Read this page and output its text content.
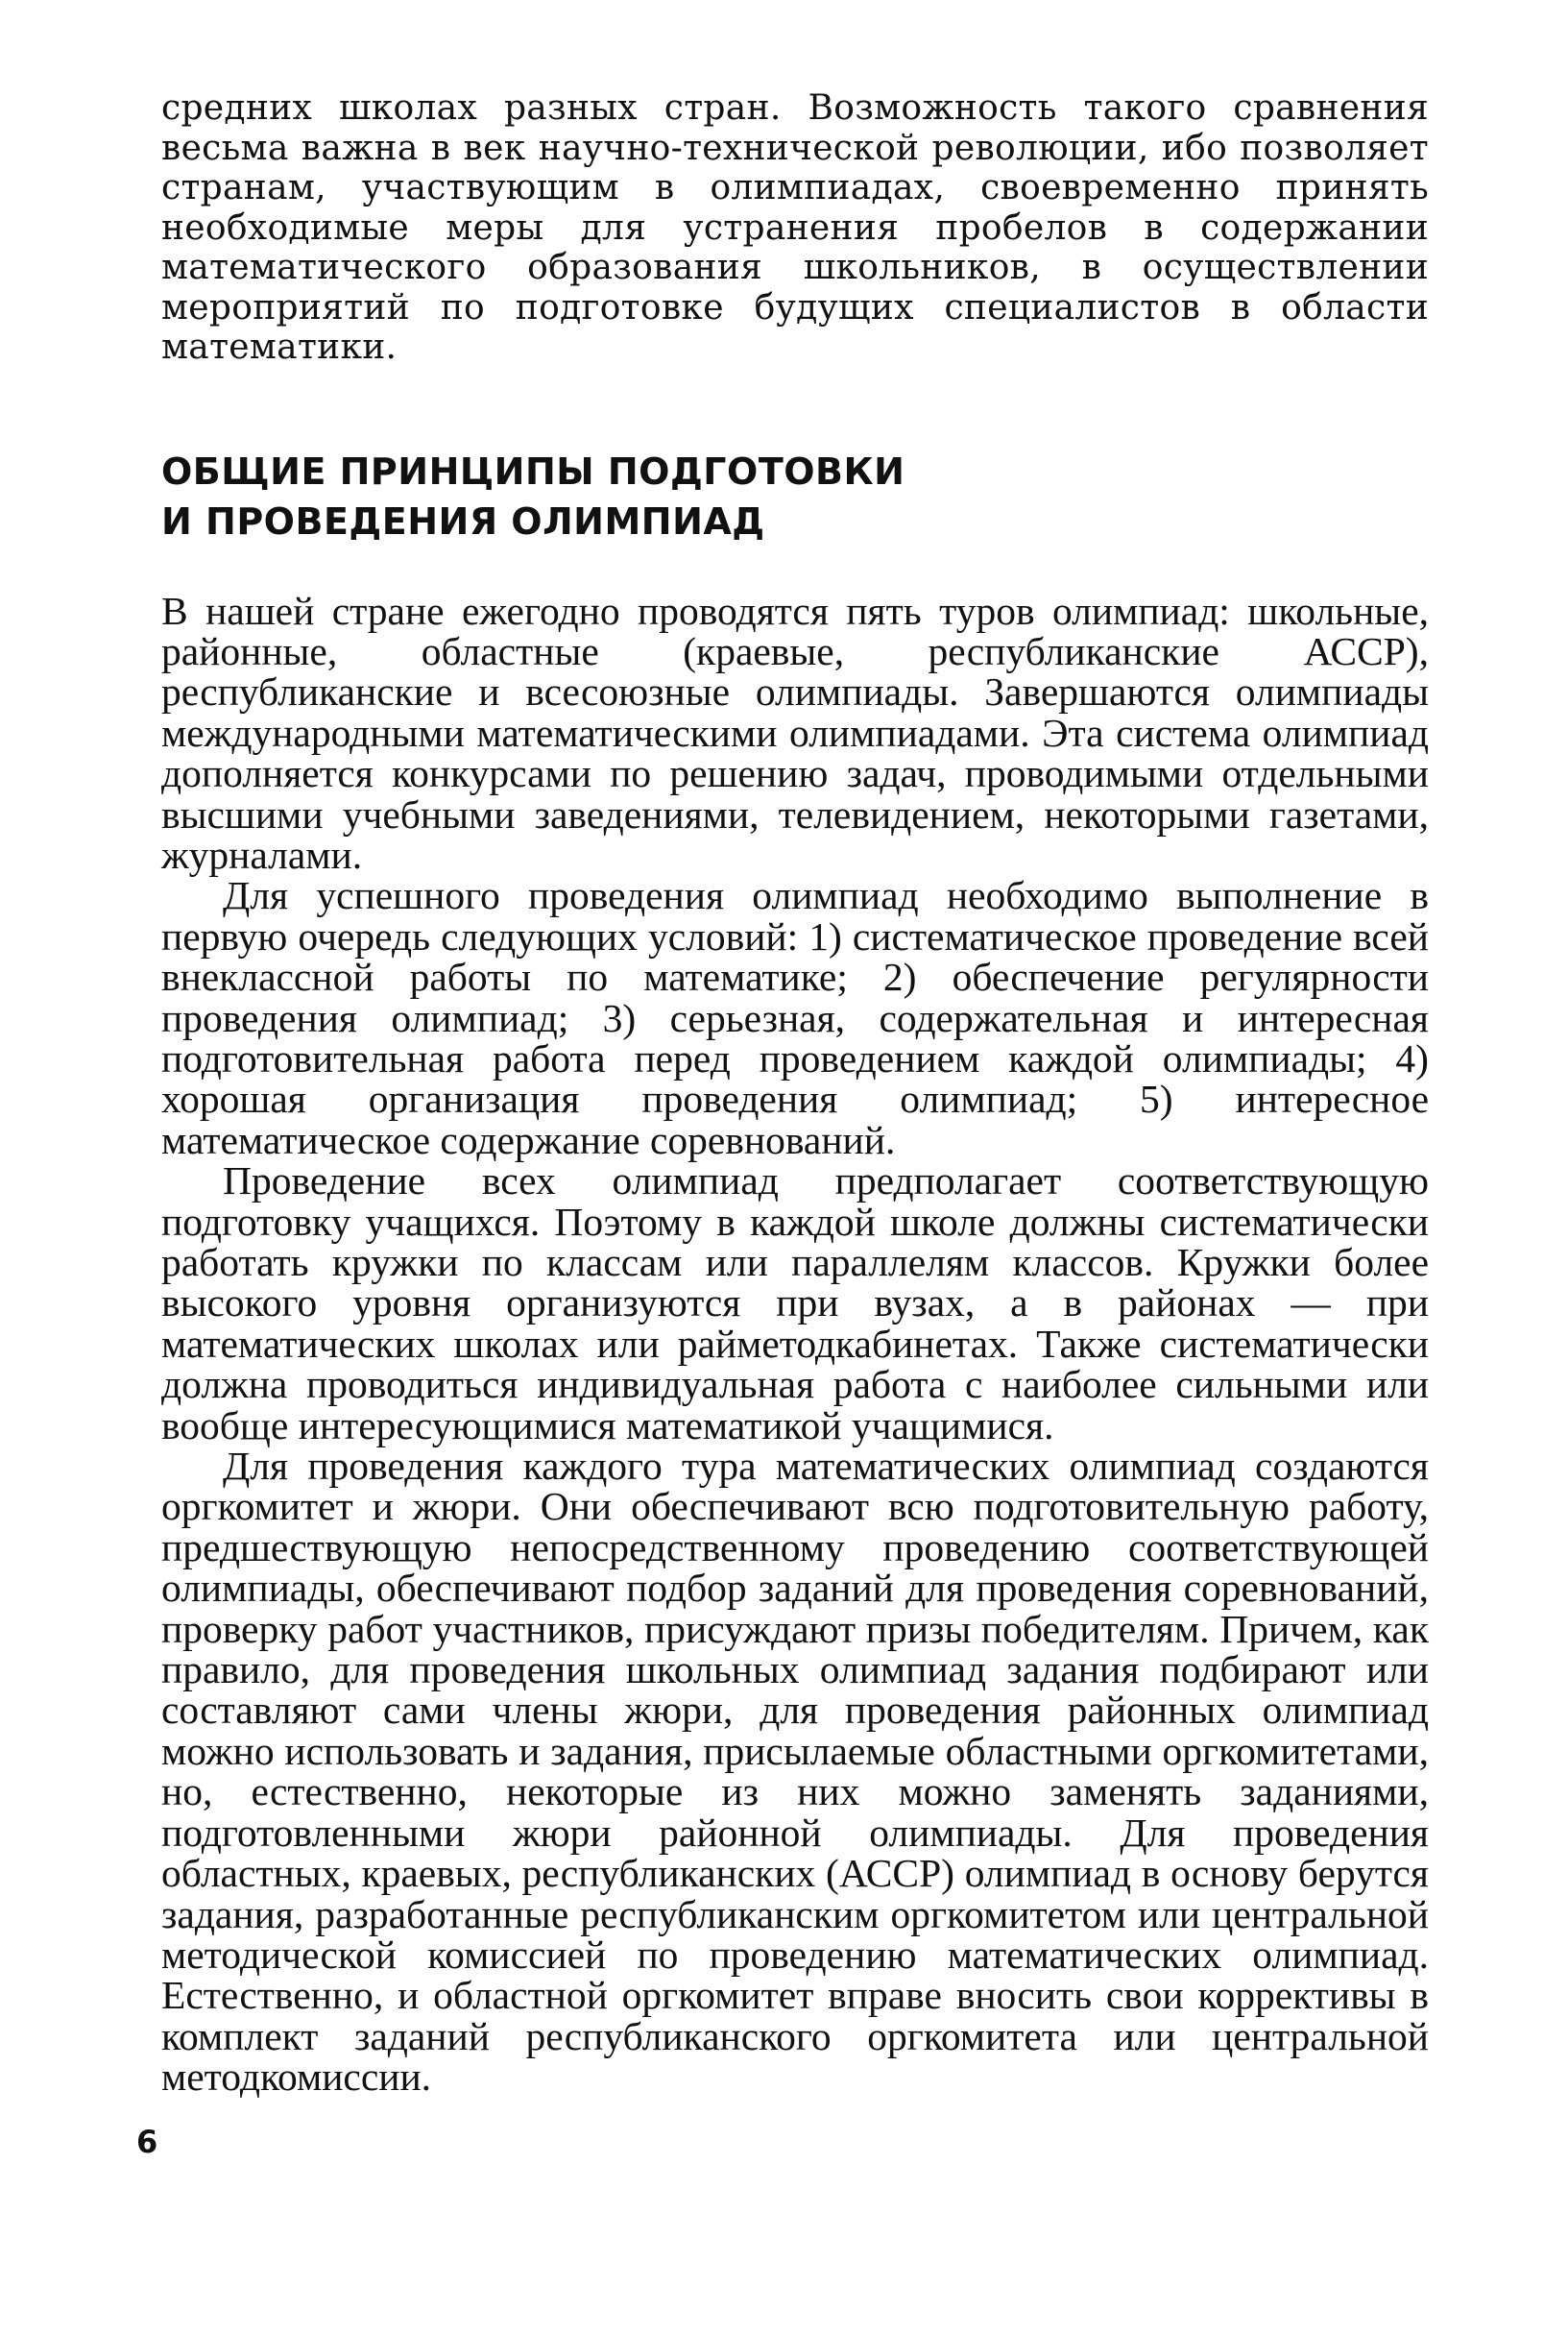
средних школах разных стран. Возможность такого сравнения весьма важна в век научно-технической революции, ибо позволяет странам, участвующим в олимпиадах, своевременно принять необходимые меры для устранения пробелов в содержании математического образования школьников, в осуществлении мероприятий по подготовке будущих специалистов в области математики.

ОБЩИЕ ПРИНЦИПЫ ПОДГОТОВКИ
И ПРОВЕДЕНИЯ ОЛИМПИАД

В нашей стране ежегодно проводятся пять туров олимпиад: школьные, районные, областные (краевые, республиканские АССР), республиканские и всесоюзные олимпиады. Завершаются олимпиады международными математическими олимпиадами. Эта система олимпиад дополняется конкурсами по решению задач, проводимыми отдельными высшими учебными заведениями, телевидением, некоторыми газетами, журналами.

Для успешного проведения олимпиад необходимо выполнение в первую очередь следующих условий: 1) систематическое проведение всей внеклассной работы по математике; 2) обеспечение регулярности проведения олимпиад; 3) серьезная, содержательная и интересная подготовительная работа перед проведением каждой олимпиады; 4) хорошая организация проведения олимпиад; 5) интересное математическое содержание соревнований.

Проведение всех олимпиад предполагает соответствующую подготовку учащихся. Поэтому в каждой школе должны систематически работать кружки по классам или параллелям классов. Кружки более высокого уровня организуются при вузах, а в районах — при математических школах или райметодкабинетах. Также систематически должна проводиться индивидуальная работа с наиболее сильными или вообще интересующимися математикой учащимися.

Для проведения каждого тура математических олимпиад создаются оргкомитет и жюри. Они обеспечивают всю подготовительную работу, предшествующую непосредственному проведению соответствующей олимпиады, обеспечивают подбор заданий для проведения соревнований, проверку работ участников, присуждают призы победителям. Причем, как правило, для проведения школьных олимпиад задания подбирают или составляют сами члены жюри, для проведения районных олимпиад можно использовать и задания, присылаемые областными оргкомитетами, но, естественно, некоторые из них можно заменять заданиями, подготовленными жюри районной олимпиады. Для проведения областных, краевых, республиканских (АССР) олимпиад в основу берутся задания, разработанные республиканским оргкомитетом или центральной методической комиссией по проведению математических олимпиад. Естественно, и областной оргкомитет вправе вносить свои коррективы в комплект заданий республиканского оргкомитета или центральной методкомиссии.

6
